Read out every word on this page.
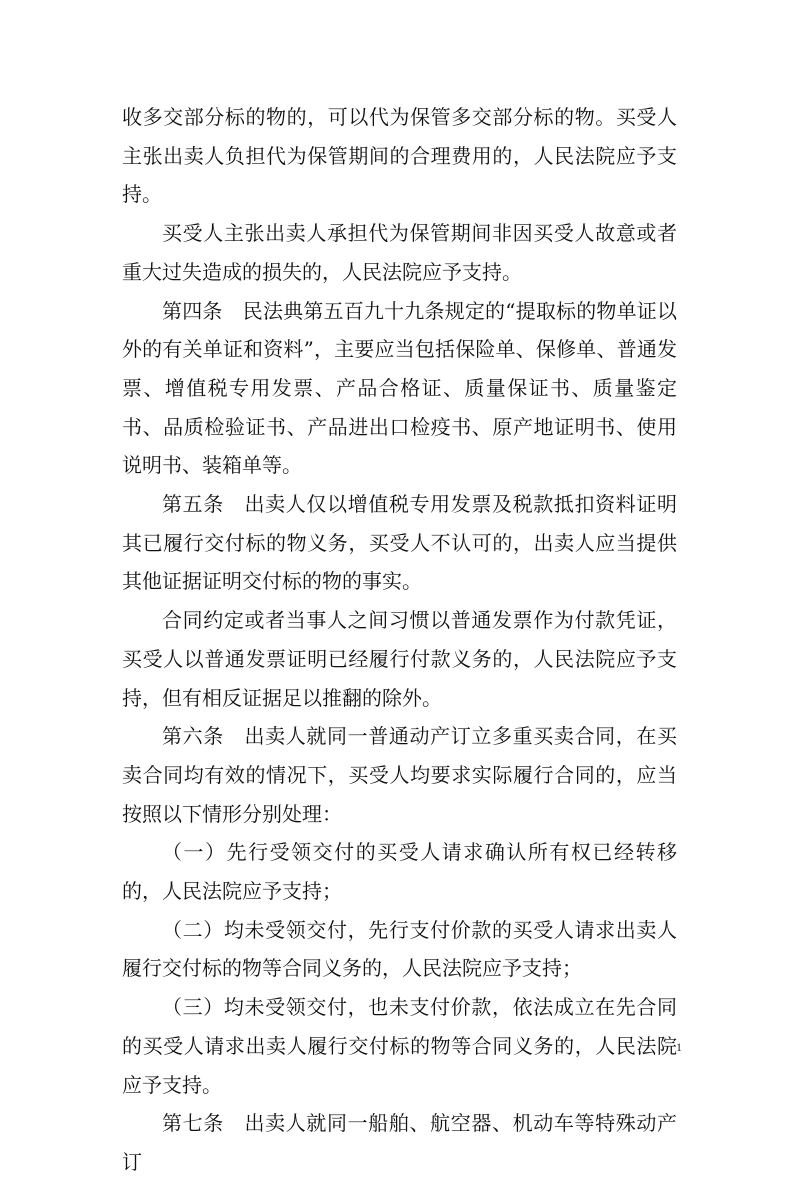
收多交部分标的物的，可以代为保管多交部分标的物。买受人主张出卖人负担代为保管期间的合理费用的，人民法院应予支持。

买受人主张出卖人承担代为保管期间非因买受人故意或者重大过失造成的损失的，人民法院应予支持。

第四条　民法典第五百九十九条规定的“提取标的物单证以外的有关单证和资料”，主要应当包括保险单、保修单、普通发票、增值税专用发票、产品合格证、质量保证书、质量鉴定书、品质检验证书、产品进出口检疫书、原产地证明书、使用说明书、装箱单等。

第五条　出卖人仅以增值税专用发票及税款抵扣资料证明其已履行交付标的物义务，买受人不认可的，出卖人应当提供其他证据证明交付标的物的事实。

合同约定或者当事人之间习惯以普通发票作为付款凭证，买受人以普通发票证明已经履行付款义务的，人民法院应予支持，但有相反证据足以推翻的除外。

第六条　出卖人就同一普通动产订立多重买卖合同，在买卖合同均有效的情况下，买受人均要求实际履行合同的，应当按照以下情形分别处理：

（一）先行受领交付的买受人请求确认所有权已经转移的，人民法院应予支持；

（二）均未受领交付，先行支付价款的买受人请求出卖人履行交付标的物等合同义务的，人民法院应予支持；

（三）均未受领交付，也未支付价款，依法成立在先合同的买受人请求出卖人履行交付标的物等合同义务的，人民法院应予支持。

第七条　出卖人就同一船舶、航空器、机动车等特殊动产订

1
